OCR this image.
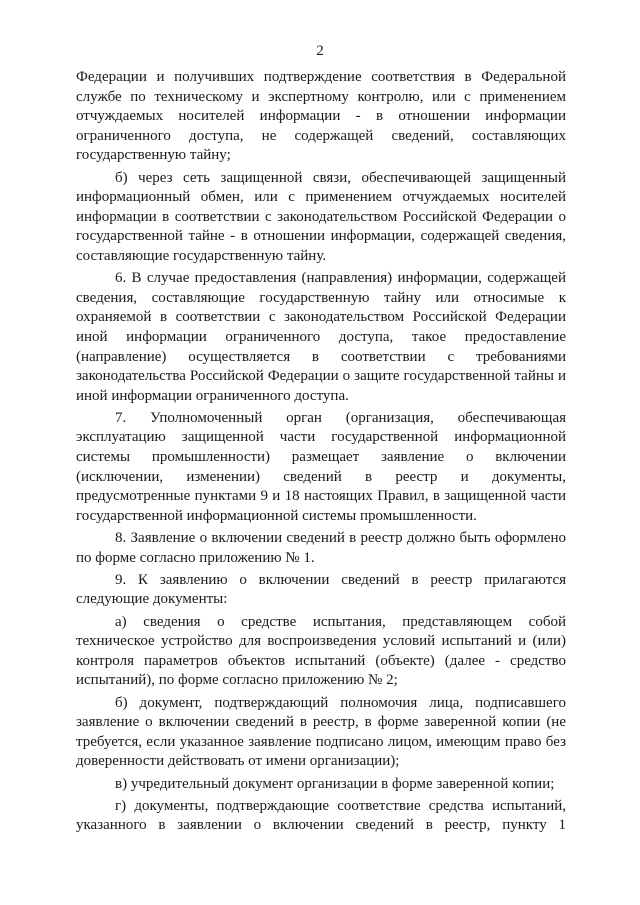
2

Федерации и получивших подтверждение соответствия в Федеральной службе по техническому и экспертному контролю, или с применением отчуждаемых носителей информации - в отношении информации ограниченного доступа, не содержащей сведений, составляющих государственную тайну;

б) через сеть защищенной связи, обеспечивающей защищенный информационный обмен, или с применением отчуждаемых носителей информации в соответствии с законодательством Российской Федерации о государственной тайне - в отношении информации, содержащей сведения, составляющие государственную тайну.

6. В случае предоставления (направления) информации, содержащей сведения, составляющие государственную тайну или относимые к охраняемой в соответствии с законодательством Российской Федерации иной информации ограниченного доступа, такое предоставление (направление) осуществляется в соответствии с требованиями законодательства Российской Федерации о защите государственной тайны и иной информации ограниченного доступа.

7. Уполномоченный орган (организация, обеспечивающая эксплуатацию защищенной части государственной информационной системы промышленности) размещает заявление о включении (исключении, изменении) сведений в реестр и документы, предусмотренные пунктами 9 и 18 настоящих Правил, в защищенной части государственной информационной системы промышленности.

8. Заявление о включении сведений в реестр должно быть оформлено по форме согласно приложению № 1.

9. К заявлению о включении сведений в реестр прилагаются следующие документы:

а) сведения о средстве испытания, представляющем собой техническое устройство для воспроизведения условий испытаний и (или) контроля параметров объектов испытаний (объекте) (далее - средство испытаний), по форме согласно приложению № 2;

б) документ, подтверждающий полномочия лица, подписавшего заявление о включении сведений в реестр, в форме заверенной копии (не требуется, если указанное заявление подписано лицом, имеющим право без доверенности действовать от имени организации);

в) учредительный документ организации в форме заверенной копии;

г) документы, подтверждающие соответствие средства испытаний, указанного в заявлении о включении сведений в реестр, пункту 1
